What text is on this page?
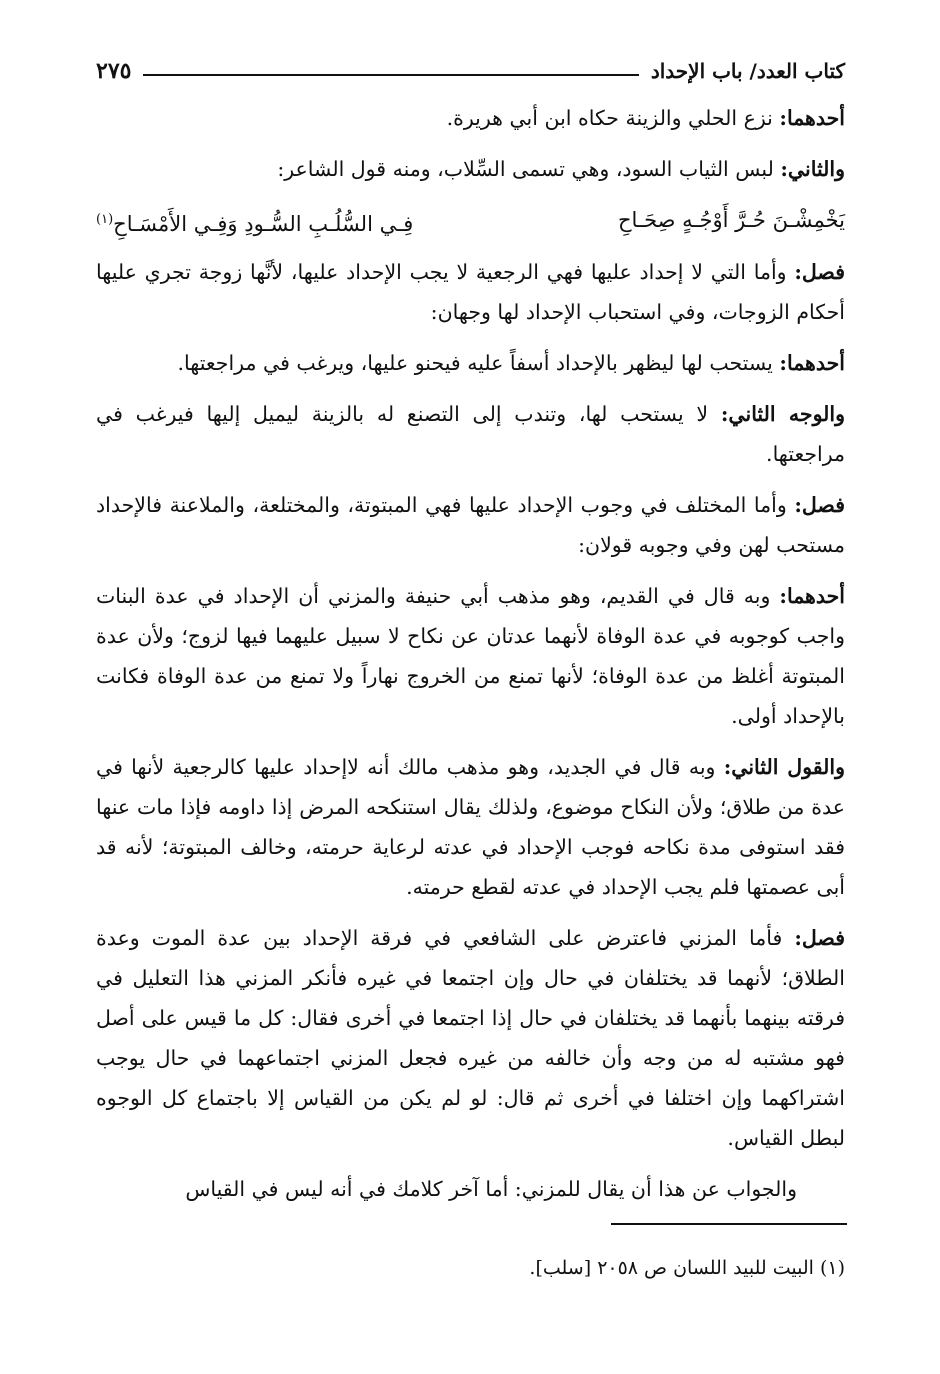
كتاب العدد/ باب الإحداد
٢٧٥

أحدهما: نزع الحلي والزينة حكاه ابن أبي هريرة.

والثاني: لبس الثياب السود، وهي تسمى السِّلاب، ومنه قول الشاعر:

يَخْمِشْـنَ حُـرَّ أَوْجُـهٍ صِحَـاحِ
فِـي السُّلُـبِ السُّـودِ وَفِـي الأَمْسَـاحِ$^{(١)}$

فصل: وأما التي لا إحداد عليها فهي الرجعية لا يجب الإحداد عليها، لأنَّها زوجة تجري عليها أحكام الزوجات، وفي استحباب الإحداد لها وجهان:

أحدهما: يستحب لها ليظهر بالإحداد أسفاً عليه فيحنو عليها، ويرغب في مراجعتها.

والوجه الثاني: لا يستحب لها، وتندب إلى التصنع له بالزينة ليميل إليها فيرغب في مراجعتها.

فصل: وأما المختلف في وجوب الإحداد عليها فهي المبتوتة، والمختلعة، والملاعنة فالإحداد مستحب لهن وفي وجوبه قولان:

أحدهما: وبه قال في القديم، وهو مذهب أبي حنيفة والمزني أن الإحداد في عدة البنات واجب كوجوبه في عدة الوفاة لأنهما عدتان عن نكاح لا سبيل عليهما فيها لزوج؛ ولأن عدة المبتوتة أغلظ من عدة الوفاة؛ لأنها تمنع من الخروج نهاراً ولا تمنع من عدة الوفاة فكانت بالإحداد أولى.

والقول الثاني: وبه قال في الجديد، وهو مذهب مالك أنه لاإحداد عليها كالرجعية لأنها في عدة من طلاق؛ ولأن النكاح موضوع، ولذلك يقال استنكحه المرض إذا داومه فإذا مات عنها فقد استوفى مدة نكاحه فوجب الإحداد في عدته لرعاية حرمته، وخالف المبتوتة؛ لأنه قد أبى عصمتها فلم يجب الإحداد في عدته لقطع حرمته.

فصل: فأما المزني فاعترض على الشافعي في فرقة الإحداد بين عدة الموت وعدة الطلاق؛ لأنهما قد يختلفان في حال وإن اجتمعا في غيره فأنكر المزني هذا التعليل في فرقته بينهما بأنهما قد يختلفان في حال إذا اجتمعا في أخرى فقال: كل ما قيس على أصل فهو مشتبه له من وجه وأن خالفه من غيره فجعل المزني اجتماعهما في حال يوجب اشتراكهما وإن اختلفا في أخرى ثم قال: لو لم يكن من القياس إلا باجتماع كل الوجوه لبطل القياس.

والجواب عن هذا أن يقال للمزني: أما آخر كلامك في أنه ليس في القياس

(١) البيت للبيد اللسان ص ٢٠٥٨ [سلب].
